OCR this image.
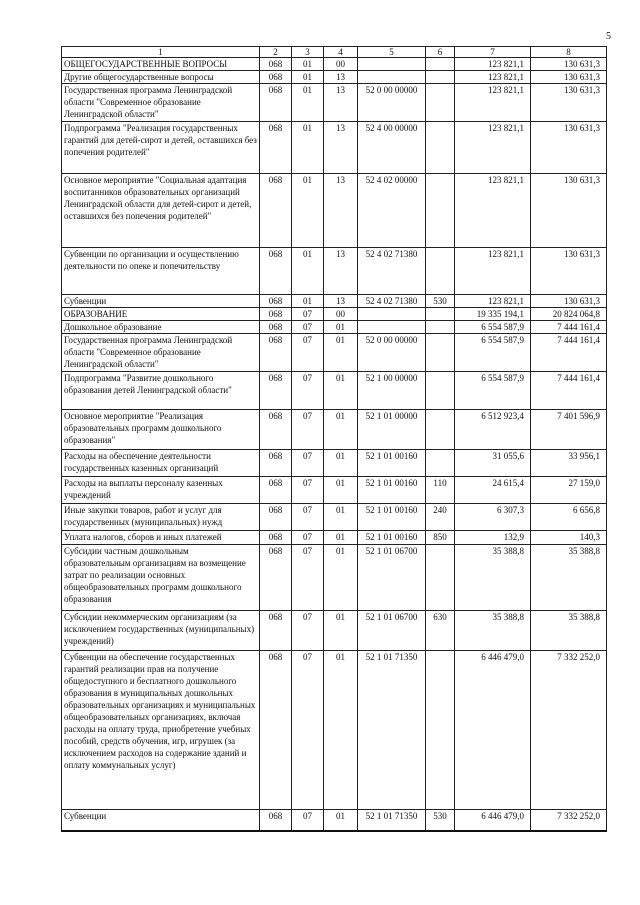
5
1	2	3	4	5	6	7	8
ОБЩЕГОСУДАРСТВЕННЫЕ ВОПРОСЫ	068	01	00			123 821,1	130 631,3
Другие общегосударственные вопросы	068	01	13			123 821,1	130 631,3
Государственная программа Ленинградской области "Современное образование Ленинградской области"	068	01	13	52 0 00 00000		123 821,1	130 631,3
Подпрограмма "Реализация государственных гарантий для детей-сирот и детей, оставшихся без попечения родителей"	068	01	13	52 4 00 00000		123 821,1	130 631,3
Основное мероприятие "Социальная адаптация воспитанников образовательных организаций Ленинградской области для детей-сирот и детей, оставшихся без попечения родителей"	068	01	13	52 4 02 00000		123 821,1	130 631,3
Субвенции по организации и осуществлению деятельности по опеке и попечительству	068	01	13	52 4 02 71380		123 821,1	130 631,3
Субвенции	068	01	13	52 4 02 71380	530	123 821,1	130 631,3
ОБРАЗОВАНИЕ	068	07	00			19 335 194,1	20 824 064,8
Дошкольное образование	068	07	01			6 554 587,9	7 444 161,4
Государственная программа Ленинградской области "Современное образование Ленинградской области"	068	07	01	52 0 00 00000		6 554 587,9	7 444 161,4
Подпрограмма "Развитие дошкольного образования детей Ленинградской области"	068	07	01	52 1 00 00000		6 554 587,9	7 444 161,4
Основное мероприятие "Реализация образовательных программ дошкольного образования"	068	07	01	52 1 01 00000		6 512 923,4	7 401 596,9
Расходы на обеспечение деятельности государственных казенных организаций	068	07	01	52 1 01 00160		31 055,6	33 956,1
Расходы на выплаты персоналу казенных учреждений	068	07	01	52 1 01 00160	110	24 615,4	27 159,0
Иные закупки товаров, работ и услуг для государственных (муниципальных) нужд	068	07	01	52 1 01 00160	240	6 307,3	6 656,8
Уплата налогов, сборов и иных платежей	068	07	01	52 1 01 00160	850	132,9	140,3
Субсидии частным дошкольным образовательным организациям на возмещение затрат по реализации основных общеобразовательных программ дошкольного образования	068	07	01	52 1 01 06700		35 388,8	35 388,8
Субсидии некоммерческим организациям (за исключением государственных (муниципальных) учреждений)	068	07	01	52 1 01 06700	630	35 388,8	35 388,8
Субвенции на обеспечение государственных гарантий реализации прав на получение общедоступного и бесплатного дошкольного образования в муниципальных дошкольных образовательных организациях и муниципальных общеобразовательных организациях, включая расходы на оплату труда, приобретение учебных пособий, средств обучения, игр, игрушек (за исключением расходов на содержание зданий и оплату коммунальных услуг)	068	07	01	52 1 01 71350		6 446 479,0	7 332 252,0
Субвенции	068	07	01	52 1 01 71350	530	6 446 479,0	7 332 252,0
